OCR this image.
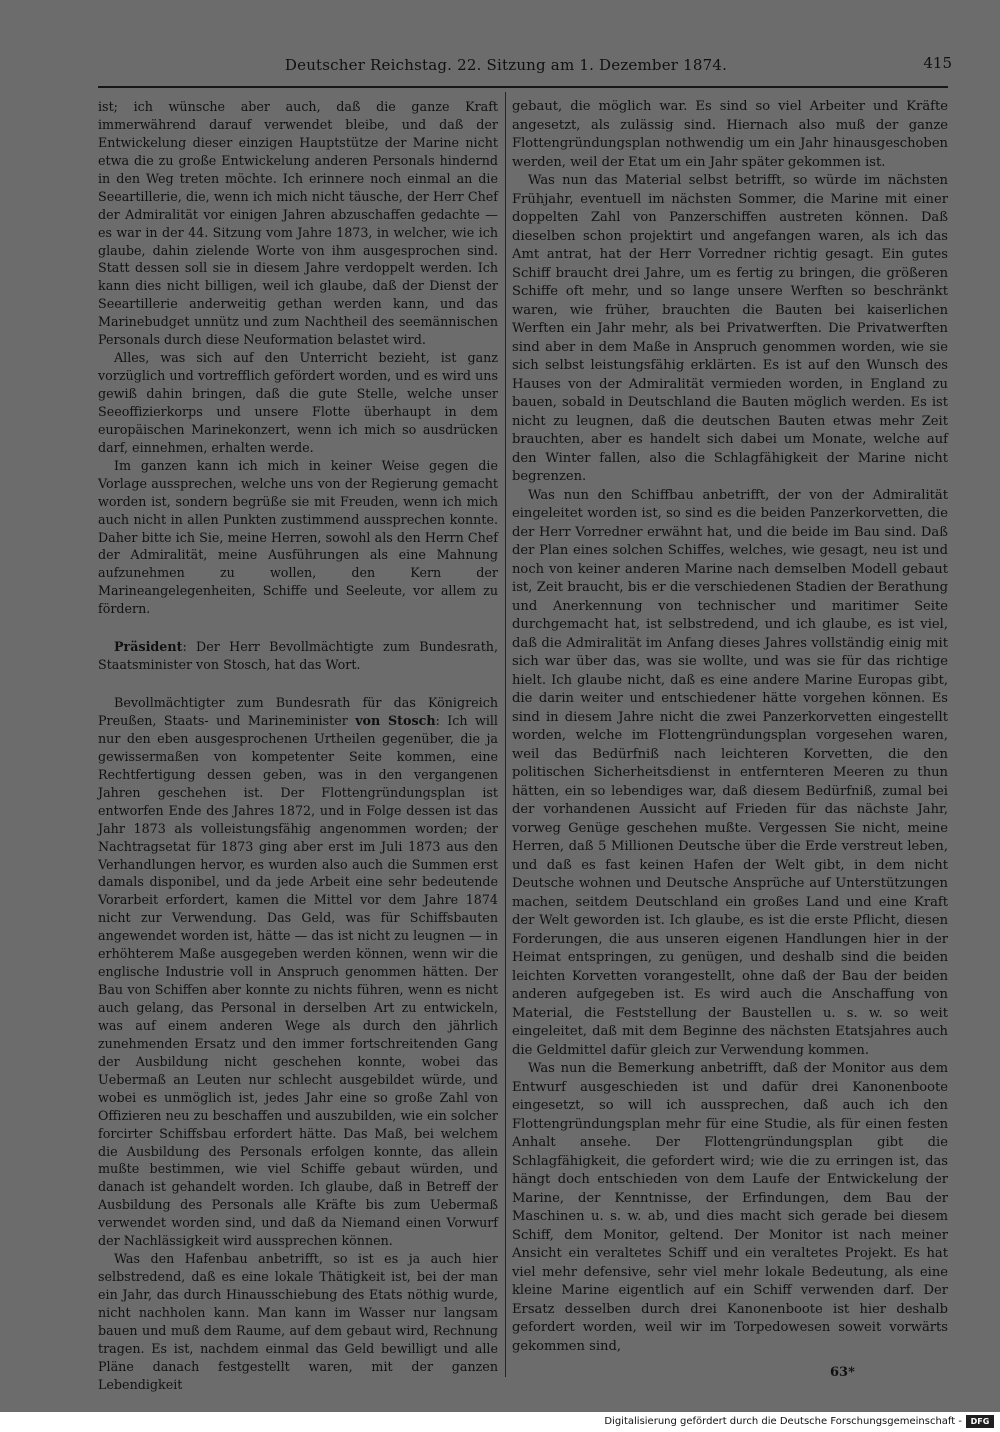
Deutscher Reichstag. 22. Sitzung am 1. Dezember 1874.	415

ist; ich wünsche aber auch, daß die ganze Kraft immerwährend darauf verwendet bleibe, und daß der Entwickelung dieser einzigen Hauptstütze der Marine nicht etwa die zu große Entwickelung anderen Personals hindernd in den Weg treten möchte. Ich erinnere noch einmal an die Seeartillerie, die, wenn ich mich nicht täusche, der Herr Chef der Admiralität vor einigen Jahren abzuschaffen gedachte — es war in der 44. Sitzung vom Jahre 1873, in welcher, wie ich glaube, dahin zielende Worte von ihm ausgesprochen sind. Statt dessen soll sie in diesem Jahre verdoppelt werden. Ich kann dies nicht billigen, weil ich glaube, daß der Dienst der Seeartillerie anderweitig gethan werden kann, und das Marinebudget unnütz und zum Nachtheil des seemännischen Personals durch diese Neuformation belastet wird.

Alles, was sich auf den Unterricht bezieht, ist ganz vorzüglich und vortrefflich gefördert worden, und es wird uns gewiß dahin bringen, daß die gute Stelle, welche unser Seeoffizierkorps und unsere Flotte überhaupt in dem europäischen Marinekonzert, wenn ich mich so ausdrücken darf, einnehmen, erhalten werde.

Im ganzen kann ich mich in keiner Weise gegen die Vorlage aussprechen, welche uns von der Regierung gemacht worden ist, sondern begrüße sie mit Freuden, wenn ich mich auch nicht in allen Punkten zustimmend aussprechen konnte. Daher bitte ich Sie, meine Herren, sowohl als den Herrn Chef der Admiralität, meine Ausführungen als eine Mahnung aufzunehmen zu wollen, den Kern der Marineangelegenheiten, Schiffe und Seeleute, vor allem zu fördern.

Präsident: Der Herr Bevollmächtigte zum Bundesrath, Staatsminister von Stosch, hat das Wort.

Bevollmächtigter zum Bundesrath für das Königreich Preußen, Staats- und Marineminister von Stosch: Ich will nur den eben ausgesprochenen Urtheilen gegenüber, die ja gewissermaßen von kompetenter Seite kommen, eine Rechtfertigung dessen geben, was in den vergangenen Jahren geschehen ist. Der Flottengründungsplan ist entworfen Ende des Jahres 1872, und in Folge dessen ist das Jahr 1873 als volleistungsfähig angenommen worden; der Nachtragsetat für 1873 ging aber erst im Juli 1873 aus den Verhandlungen hervor, es wurden also auch die Summen erst damals disponibel, und da jede Arbeit eine sehr bedeutende Vorarbeit erfordert, kamen die Mittel vor dem Jahre 1874 nicht zur Verwendung. Das Geld, was für Schiffsbauten angewendet worden ist, hätte — das ist nicht zu leugnen — in erhöhterem Maße ausgegeben werden können, wenn wir die englische Industrie voll in Anspruch genommen hätten. Der Bau von Schiffen aber konnte zu nichts führen, wenn es nicht auch gelang, das Personal in derselben Art zu entwickeln, was auf einem anderen Wege als durch den jährlich zunehmenden Ersatz und den immer fortschreitenden Gang der Ausbildung nicht geschehen konnte, wobei das Uebermaß an Leuten nur schlecht ausgebildet würde, und wobei es unmöglich ist, jedes Jahr eine so große Zahl von Offizieren neu zu beschaffen und auszubilden, wie ein solcher forcirter Schiffsbau erfordert hätte. Das Maß, bei welchem die Ausbildung des Personals erfolgen konnte, das allein mußte bestimmen, wie viel Schiffe gebaut würden, und danach ist gehandelt worden. Ich glaube, daß in Betreff der Ausbildung des Personals alle Kräfte bis zum Uebermaß verwendet worden sind, und daß da Niemand einen Vorwurf der Nachlässigkeit wird aussprechen können.

Was den Hafenbau anbetrifft, so ist es ja auch hier selbstredend, daß es eine lokale Thätigkeit ist, bei der man ein Jahr, das durch Hinausschiebung des Etats nöthig wurde, nicht nachholen kann. Man kann im Wasser nur langsam bauen und muß dem Raume, auf dem gebaut wird, Rechnung tragen. Es ist, nachdem einmal das Geld bewilligt und alle Pläne danach festgestellt waren, mit der ganzen Lebendigkeit

gebaut, die möglich war. Es sind so viel Arbeiter und Kräfte angesetzt, als zulässig sind. Hiernach also muß der ganze Flottengründungsplan nothwendig um ein Jahr hinausgeschoben werden, weil der Etat um ein Jahr später gekommen ist.

Was nun das Material selbst betrifft, so würde im nächsten Frühjahr, eventuell im nächsten Sommer, die Marine mit einer doppelten Zahl von Panzerschiffen austreten können. Daß dieselben schon projektirt und angefangen waren, als ich das Amt antrat, hat der Herr Vorredner richtig gesagt. Ein gutes Schiff braucht drei Jahre, um es fertig zu bringen, die größeren Schiffe oft mehr, und so lange unsere Werften so beschränkt waren, wie früher, brauchten die Bauten bei kaiserlichen Werften ein Jahr mehr, als bei Privatwerften. Die Privatwerften sind aber in dem Maße in Anspruch genommen worden, wie sie sich selbst leistungsfähig erklärten. Es ist auf den Wunsch des Hauses von der Admiralität vermieden worden, in England zu bauen, sobald in Deutschland die Bauten möglich werden. Es ist nicht zu leugnen, daß die deutschen Bauten etwas mehr Zeit brauchten, aber es handelt sich dabei um Monate, welche auf den Winter fallen, also die Schlagfähigkeit der Marine nicht begrenzen.

Was nun den Schiffbau anbetrifft, der von der Admiralität eingeleitet worden ist, so sind es die beiden Panzerkorvetten, die der Herr Vorredner erwähnt hat, und die beide im Bau sind. Daß der Plan eines solchen Schiffes, welches, wie gesagt, neu ist und noch von keiner anderen Marine nach demselben Modell gebaut ist, Zeit braucht, bis er die verschiedenen Stadien der Berathung und Anerkennung von technischer und maritimer Seite durchgemacht hat, ist selbstredend, und ich glaube, es ist viel, daß die Admiralität im Anfang dieses Jahres vollständig einig mit sich war über das, was sie wollte, und was sie für das richtige hielt. Ich glaube nicht, daß es eine andere Marine Europas gibt, die darin weiter und entschiedener hätte vorgehen können. Es sind in diesem Jahre nicht die zwei Panzerkorvetten eingestellt worden, welche im Flottengründungsplan vorgesehen waren, weil das Bedürfniß nach leichteren Korvetten, die den politischen Sicherheitsdienst in entfernteren Meeren zu thun hätten, ein so lebendiges war, daß diesem Bedürfniß, zumal bei der vorhandenen Aussicht auf Frieden für das nächste Jahr, vorweg Genüge geschehen mußte. Vergessen Sie nicht, meine Herren, daß 5 Millionen Deutsche über die Erde verstreut leben, und daß es fast keinen Hafen der Welt gibt, in dem nicht Deutsche wohnen und Deutsche Ansprüche auf Unterstützungen machen, seitdem Deutschland ein großes Land und eine Kraft der Welt geworden ist. Ich glaube, es ist die erste Pflicht, diesen Forderungen, die aus unseren eigenen Handlungen hier in der Heimat entspringen, zu genügen, und deshalb sind die beiden leichten Korvetten vorangestellt, ohne daß der Bau der beiden anderen aufgegeben ist. Es wird auch die Anschaffung von Material, die Feststellung der Baustellen u. s. w. so weit eingeleitet, daß mit dem Beginne des nächsten Etatsjahres auch die Geldmittel dafür gleich zur Verwendung kommen.

Was nun die Bemerkung anbetrifft, daß der Monitor aus dem Entwurf ausgeschieden ist und dafür drei Kanonenboote eingesetzt, so will ich aussprechen, daß auch ich den Flottengründungsplan mehr für eine Studie, als für einen festen Anhalt ansehe. Der Flottengründungsplan gibt die Schlagfähigkeit, die gefordert wird; wie die zu erringen ist, das hängt doch entschieden von dem Laufe der Entwickelung der Marine, der Kenntnisse, der Erfindungen, dem Bau der Maschinen u. s. w. ab, und dies macht sich gerade bei diesem Schiff, dem Monitor, geltend. Der Monitor ist nach meiner Ansicht ein veraltetes Schiff und ein veraltetes Projekt. Es hat viel mehr defensive, sehr viel mehr lokale Bedeutung, als eine kleine Marine eigentlich auf ein Schiff verwenden darf. Der Ersatz desselben durch drei Kanonenboote ist hier deshalb gefordert worden, weil wir im Torpedowesen soweit vorwärts gekommen sind,

63*
Digitalisierung gefördert durch die Deutsche Forschungsgemeinschaft -	DFG
